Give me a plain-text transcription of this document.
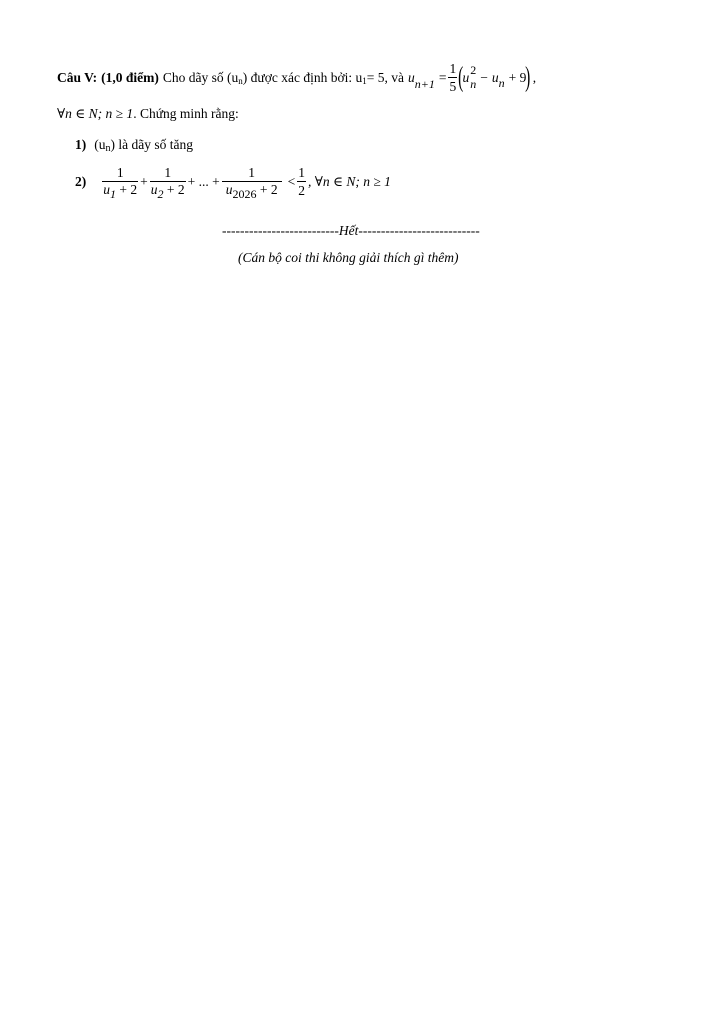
Câu V: (1,0 điểm) Cho dãy số (u n ) được xác định bởi: u 1 = 5, và u $n+1 = \frac{1}{5}$ ( u 2
n − u n + 9 ) ,
∀n ∈ N; n ≥ 1 . Chứng minh rằng:
1) (u n ) là dãy số tăng
$2) \frac{1}{u1 + 2} + \frac{1}{u2 + 2}$ + ... + $\frac{1}{u2026 + 2} < \frac{1}{2}$ , ∀n ∈ N; n ≥ 1
-------------------------- Hết ---------------------------
(Cán bộ coi thi không giải thích gì thêm)
